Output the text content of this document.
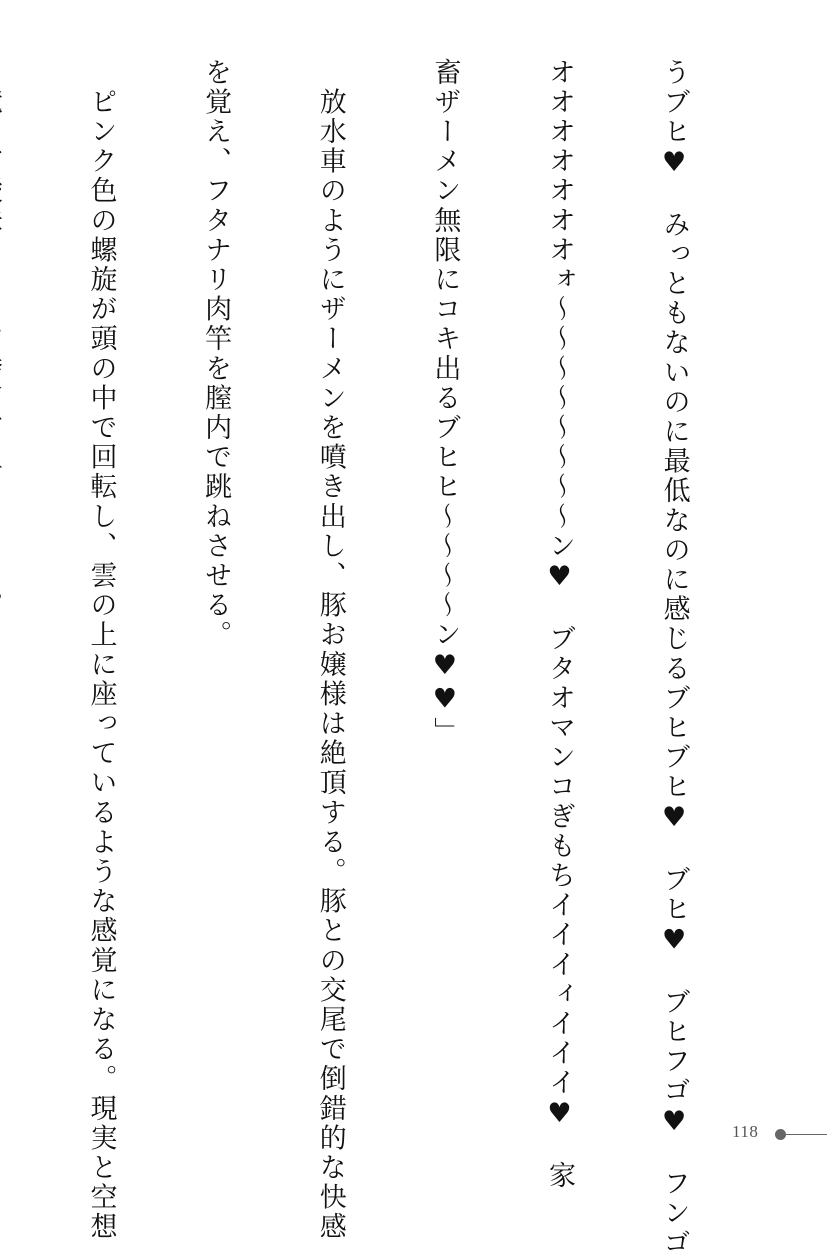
うブヒ♥　みっともないのに最低なのに感じるブヒブヒ♥　ブヒ♥　ブヒフゴ♥　フンゴ

オオオオオオオォ～～～～～～～～ン♥　ブタオマンコぎもちイイイィイイイ♥　家

畜ザーメン無限にコキ出るブヒヒ～～～～ン♥♥」

　放水車のようにザーメンを噴き出し、豚お嬢様は絶頂する。豚との交尾で倒錯的な快感

を覚え、フタナリ肉竿を膣内で跳ねさせる。

　ピンク色の螺旋が頭の中で回転し、雲の上に座っているような感覚になる。現実と空想

	118
